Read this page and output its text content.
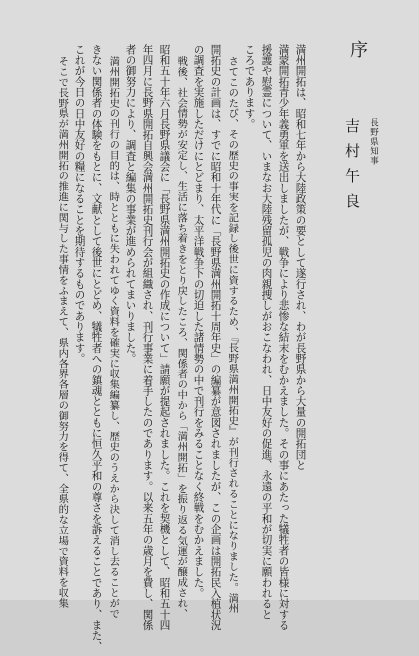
序
長野県知事
吉村午良
満州開拓は、昭和七年から大陸政策の要として遂行され、わが長野県から大量の開拓団と
満蒙開拓青少年義勇軍を送出しましたが、戦争により悲惨な結末をむかえました。その事にあたった犠牲者の皆様に対する
援護や慰霊について、いまなお大陸残留孤児の肉親捜しがおこなわれ、日中友好の促進、永遠の平和が切実に願われると
ころであります。
さてこのたび、その歴史の事実を記録し後世に資するため、『長野県満州開拓史』が刊行されることになりました。満州
開拓史の計画は、すでに昭和十年代に「長野県満州開拓十周年史」の編纂が意図されましたが、この企画は開拓民入植状況
の調査を実施しただけにとどまり、太平洋戦争下の切迫した諸情勢の中で刊行をみることなく終戦をむかえました。
戦後、社会情勢が安定し、生活に落ち着きをとり戻したころ、関係者の中から「満州開拓」を振り返る気運が醸成され、
昭和五十年六月長野県議会に「長野県満州開拓史の作成について」請願が提起されました。これを契機として、昭和五十四
年四月に長野県開拓自興会満州開拓史刊行会が組織され、刊行事業に着手したのであります。以来五年の歳月を費し、関係
者の御努力により、調査と編集の事業が進められてまいりました。
満州開拓史の刊行の目的は、時とともに失われてゆく資料を確実に収集編纂し、歴史のうえから決して消し去ることがで
きない関係者の体験をもとに、文献として後世にとどめ、犠牲者への鎮魂とともに恒久平和の尊さを訴えることであり、また、
これが今日の日中友好の糧になることを期待するものであります。
そこで長野県が満州開拓の推進に関与した事情をふまえて、県内各界各層の御努力を得て、全県的な立場で資料を収集
